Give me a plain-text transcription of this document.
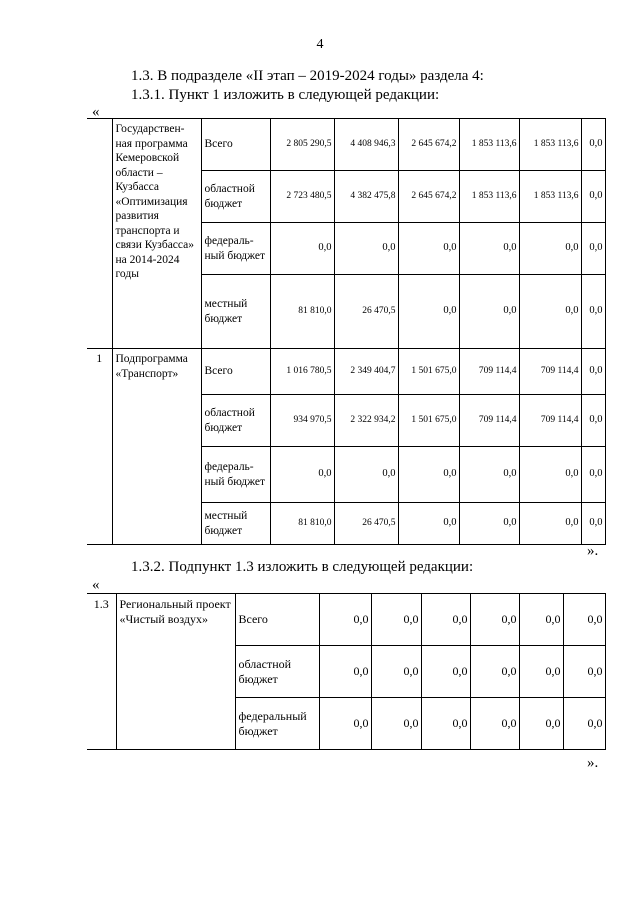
4
1.3. В подразделе «II этап – 2019-2024 годы» раздела 4:
1.3.1. Пункт 1 изложить в следующей редакции:
«
	Государствен-ная программа Кемеровской области – Кузбасса «Оптимизация развития транспорта и связи Кузбасса» на 2014-2024 годы	Всего	2 805 290,5	4 408 946,3	2 645 674,2	1 853 113,6	1 853 113,6	0,0
		областной бюджет	2 723 480,5	4 382 475,8	2 645 674,2	1 853 113,6	1 853 113,6	0,0
		федераль-ный бюджет	0,0	0,0	0,0	0,0	0,0	0,0
		местный бюджет	81 810,0	26 470,5	0,0	0,0	0,0	0,0
1	Подпрограмма «Транспорт»	Всего	1 016 780,5	2 349 404,7	1 501 675,0	709 114,4	709 114,4	0,0
		областной бюджет	934 970,5	2 322 934,2	1 501 675,0	709 114,4	709 114,4	0,0
		федераль-ный бюджет	0,0	0,0	0,0	0,0	0,0	0,0
		местный бюджет	81 810,0	26 470,5	0,0	0,0	0,0	0,0
».
1.3.2. Подпункт 1.3 изложить в следующей редакции:
«
1.3	Региональный проект «Чистый воздух»	Всего	0,0	0,0	0,0	0,0	0,0	0,0
		областной бюджет	0,0	0,0	0,0	0,0	0,0	0,0
		федеральный бюджет	0,0	0,0	0,0	0,0	0,0	0,0
».
